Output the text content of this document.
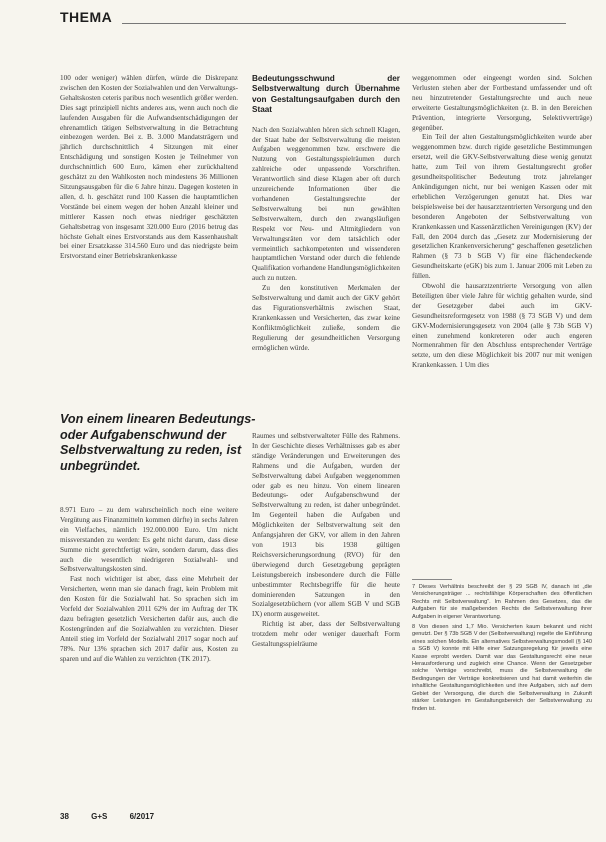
THEMA

100 oder weniger) wählen dürfen, würde die Diskrepanz zwischen den Kosten der Sozialwahlen und den Verwaltungs-Gehaltskosten ceteris paribus noch wesentlich größer werden. Dies sagt prinzipiell nichts anderes aus, wenn auch noch die laufenden Ausgaben für die Aufwandsentschädigungen der ehrenamtlich tätigen Selbstverwaltung in die Betrachtung einbezogen werden. Bei z. B. 3.000 Mandatsträgern und jährlich durchschnittlich 4 Sitzungen mit einer Entschädigung und sonstigen Kosten je Teilnehmer von durchschnittlich 600 Euro, kämen eher zurückhaltend geschätzt zu den Wahlkosten noch mindestens 36 Millionen Sitzungsausgaben für die 6 Jahre hinzu. Dagegen kosteten in allen, d. h. geschätzt rund 100 Kassen die hauptamtlichen Vorstände bei einem wegen der hohen Anzahl kleiner und mittlerer Kassen noch etwas niedriger geschätzten Gehaltsbetrag von insgesamt 320.000 Euro (2016 betrug das höchste Gehalt eines Erstvorstands aus dem Kassenhaushalt bei einer Ersatzkasse 314.560 Euro und das niedrigste beim Erstvorstand einer Betriebskrankenkasse

Von einem linearen Bedeutungs- oder Aufgabenschwund der Selbstverwaltung zu reden, ist unbegründet.

8.971 Euro – zu dem wahrscheinlich noch eine weitere Vergütung aus Finanzmitteln kommen dürfte) in sechs Jahren ein Vielfaches, nämlich 192.000.000 Euro. Um nicht missverstanden zu werden: Es geht nicht darum, dass diese Summe nicht gerechtfertigt wäre, sondern darum, dass dies auch die wesentlich niedrigeren Sozialwahl- und Selbstverwaltungskosten sind.

Fast noch wichtiger ist aber, dass eine Mehrheit der Versicherten, wenn man sie danach fragt, kein Problem mit den Kosten für die Sozialwahl hat. So sprachen sich im Vorfeld der Sozialwahlen 2011 62% der im Auftrag der TK dazu befragten gesetzlich Versicherten dafür aus, auch die Kostengründen auf die Sozialwahlen zu verzichten. Dieser Anteil stieg im Vorfeld der Sozialwahl 2017 sogar noch auf 78%. Nur 13% sprachen sich 2017 dafür aus, Kosten zu sparen und auf die Wahlen zu verzichten (TK 2017).

Bedeutungsschwund der Selbstverwaltung durch Übernahme von Gestaltungsaufgaben durch den Staat

Nach den Sozialwahlen hören sich schnell Klagen, der Staat habe der Selbstverwaltung die meisten Aufgaben weggenommen bzw. erschwere die Nutzung von Gestaltungsspielräumen durch zahlreiche oder unpassende Vorschriften. Verantwortlich sind diese Klagen aber oft durch unzureichende Informationen über die vorhandenen Gestaltungsrechte der Selbstverwaltung bei nun gewählten Selbstverwaltern, durch den zwangsläufigen Respekt vor Neu- und Altmitgliedern von Verwaltungsräten vor dem tatsächlich oder vermeintlich sachkompetenten und wissenderen hauptamtlichen Vorstand oder durch die fehlende Qualifikation vorhandene Handlungsmöglichkeiten auch zu nutzen.

Zu den konstitutiven Merkmalen der Selbstverwaltung und damit auch der GKV gehört das Figurationsverhältnis zwischen Staat, Krankenkassen und Versicherten, das zwar keine Konfliktmöglichkeit zuließe, sondern die Regulierung der gesundheitlichen Versorgung ermöglichen würde.

Raumes und selbstverwalteter Fülle des Rahmens. In der Geschichte dieses Verhältnisses gab es aber ständige Veränderungen und Erweiterungen des Rahmens und die Aufgaben, wurden der Selbstverwaltung dabei Aufgaben weggenommen oder gab es neu hinzu. Von einem linearen Bedeutungs- oder Aufgabenschwund der Selbstverwaltung zu reden, ist daher unbegründet. Im Gegenteil haben die Aufgaben und Möglichkeiten der Selbstverwaltung seit den Anfangsjahren der GKV, vor allem in den Jahren von 1913 bis 1938 gültigen Reichsversicherungsordnung (RVO) für den überwiegend durch Gesetzgebung geprägten Leistungsbereich insbesondere durch die Fülle unbestimmter Rechtsbegriffe für die heute dominierenden Satzungen in den Sozialgesetzbüchern (vor allem SGB V und SGB IX) enorm ausgeweitet.

Richtig ist aber, dass der Selbstverwaltung trotzdem mehr oder weniger dauerhaft Form Gestaltungsspielräume

weggenommen oder eingeengt worden sind. Solchen Verlusten stehen aber der Fortbestand umfassender und oft neu hinzutretender Gestaltungsrechte und auch neue erweiterte Gestaltungsmöglichkeiten (z. B. in den Bereichen Prävention, integrierte Versorgung, Selektivverträge) gegenüber.

Ein Teil der alten Gestaltungsmöglichkeiten wurde aber weggenommen bzw. durch rigide gesetzliche Bestimmungen ersetzt, weil die GKV-Selbstverwaltung diese wenig genutzt hatte, zum Teil von ihrem Gestaltungsrecht großer gesundheitspolitischer Bedeutung trotz jahrelanger Ankündigungen nicht, nur bei wenigen Kassen oder mit erheblichen Verzögerungen genutzt hat. Dies war beispielsweise bei der hausarztzentrierten Versorgung und den besonderen Angeboten der Selbstverwaltung von Krankenkassen und Kassenärztlichen Vereinigungen (KV) der Fall, den 2004 durch das „Gesetz zur Modernisierung der gesetzlichen Krankenversicherung“ geschaffenen gesetzlichen Rahmen (§ 73 b SGB V) für eine flächendeckende Gesundheitskarte (eGK) bis zum 1. Januar 2006 mit Leben zu füllen.

Obwohl die hausarztzentrierte Versorgung von allen Beteiligten über viele Jahre für wichtig gehalten wurde, sind der Gesetzgeber dabei auch im GKV-Gesundheitsreformgesetz von 1988 (§ 73 SGB V) und dem GKV-Modernisierungsgesetz von 2004 (alle § 73b SGB V) einen zunehmend konkreteren oder auch engeren Normenrahmen für den Abschluss entsprechender Verträge setzte, um den diese Möglichkeit bis 2007 nur mit wenigen Krankenkassen. 1 Um dies

7 Dieses Verhältnis beschreibt der § 29 SGB IV, danach ist „die Versicherungsträger ... rechtsfähige Körperschaften des öffentlichen Rechts mit Selbstverwaltung“. Im Rahmen des Gesetzes, das die Aufgaben für sie maßgebenden Rechts die Selbstverwaltung ihrer Aufgaben in eigener Verantwortung.

8 Von diesen sind 1,7 Mio. Versicherten kaum bekannt und nicht genutzt. Der § 73b SGB V der (Selbstverwaltung) regelte die Einführung eines solchen Modells. Ein alternatives Selbstverwaltungsmodell (§ 140 a SGB V) konnte mit Hilfe einer Satzungsregelung für jeweils eine Kasse erprobt werden. Damit war das Gestaltungsrecht eine neue Herausforderung und zugleich eine Chance. Wenn der Gesetzgeber solche Verträge vorschreibt, muss die Selbstverwaltung die Bedingungen der Verträge konkretisieren und hat damit weiterhin die inhaltliche Gestaltungsmöglichkeiten und ihre Aufgaben, sich auf dem Gebiet der Versorgung, die durch die Selbstverwaltung in Zukunft stärker Leistungen im Gestaltungsbereich der Selbstverwaltung zu finden ist.

38	G+S	6/2017
